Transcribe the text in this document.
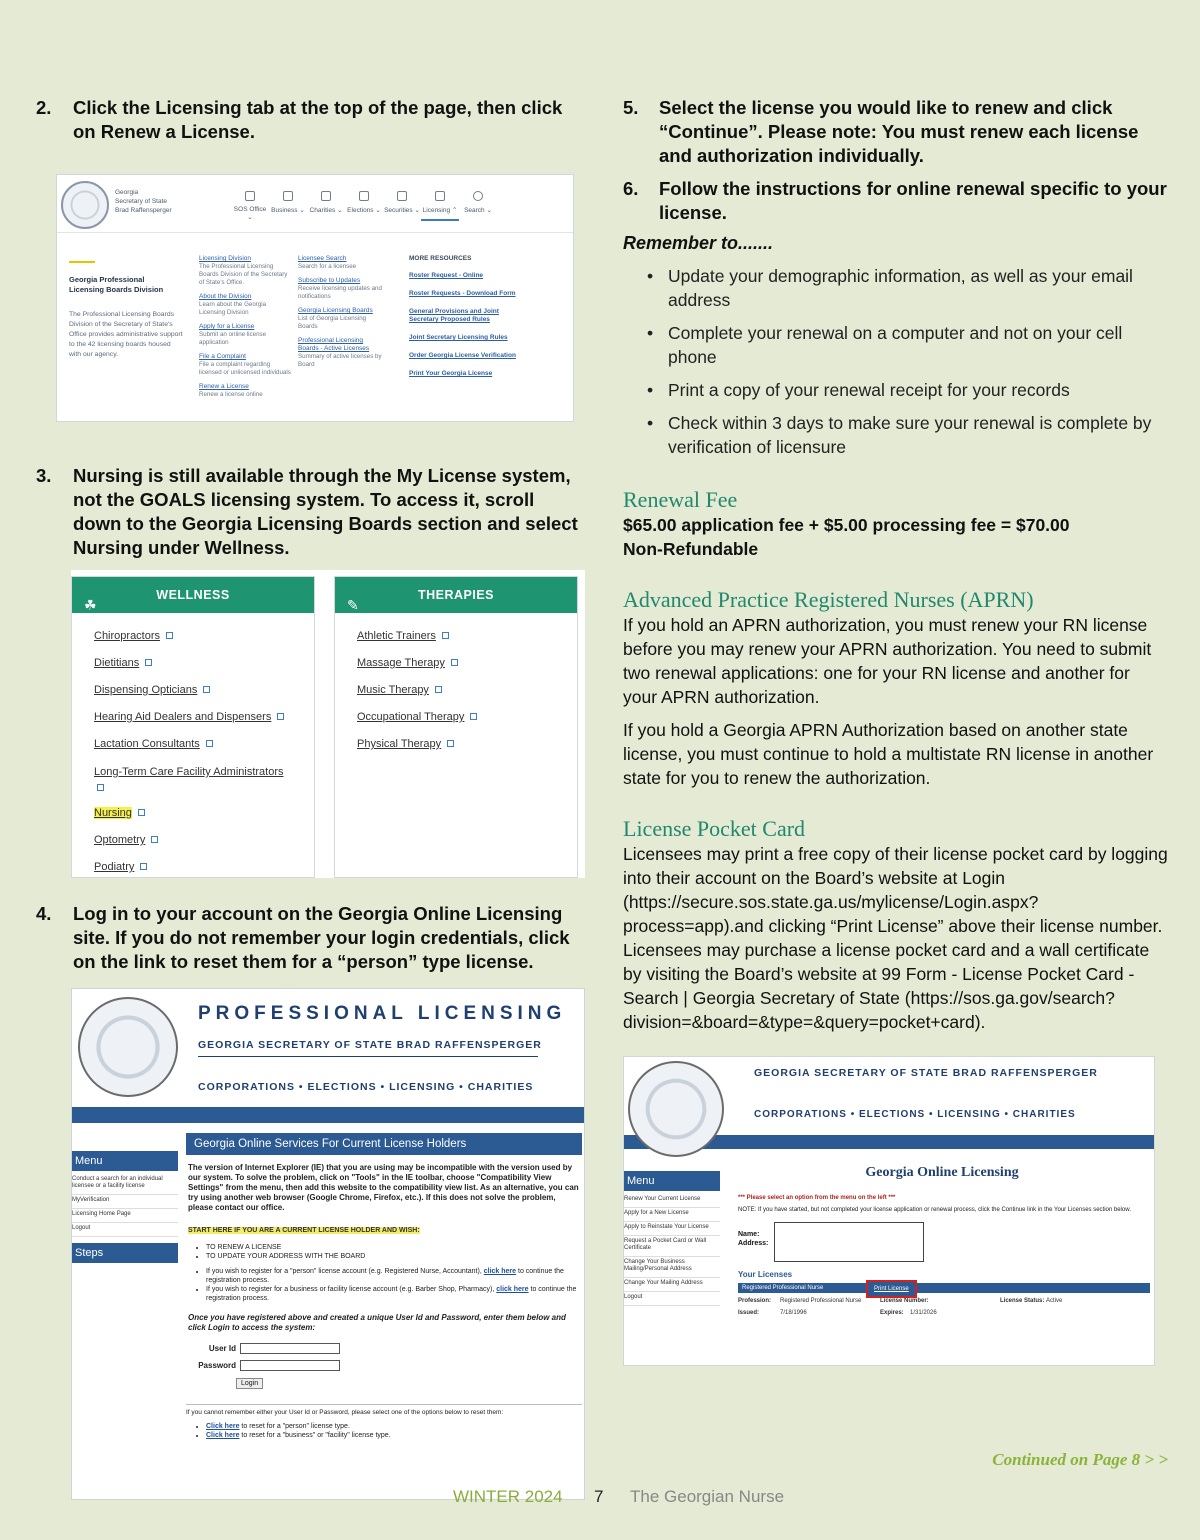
2.	Click the Licensing tab at the top of the page, then click on Renew a License.
Georgia
Secretary of State
Brad Raffensperger	SOS Office ⌄
Business ⌄ Charities ⌄ Elections ⌄ Securities ⌄ Licensing ⌃	Search ⌄
Georgia Professional Licensing Boards Division
The Professional Licensing Boards Division of the Secretary of State's Office provides administrative support to the 42 licensing boards housed with our agency.
Licensing Division
The Professional Licensing Boards Division of the Secretary of State's Office.
About the Division
Learn about the Georgia Licensing Division
Apply for a License
Submit an online license application
File a Complaint
File a complaint regarding licensed or unlicensed individuals
Renew a License
Renew a license online
Licensee Search
Search for a licensee
Subscribe to Updates
Receive licensing updates and notifications
Georgia Licensing Boards
List of Georgia Licensing Boards
Professional Licensing Boards - Active Licenses
Summary of active licenses by Board
MORE RESOURCES
Roster Request - Online
Roster Requests - Download Form
General Provisions and Joint Secretary Proposed Rules
Joint Secretary Licensing Rules
Order Georgia License Verification
Print Your Georgia License
3.	Nursing is still available through the My License system, not the GOALS licensing system. To access it, scroll down to the Georgia Licensing Boards section and select Nursing under Wellness.
☘
WELLNESS
Chiropractors
Dietitians
Dispensing Opticians
Hearing Aid Dealers and Dispensers
Lactation Consultants
Long-Term Care Facility Administrators

Nursing
Optometry
Podiatry
✎
THERAPIES
Athletic Trainers
Massage Therapy
Music Therapy
Occupational Therapy
Physical Therapy
4.	Log in to your account on the Georgia Online Licensing site. If you do not remember your login credentials, click on the link to reset them for a “person” type license.
PROFESSIONAL LICENSING
GEORGIA SECRETARY OF STATE BRAD RAFFENSPERGER
CORPORATIONS • ELECTIONS • LICENSING • CHARITIES
Menu
Conduct a search for an individual licensee or a facility license
MyVerification
Licensing Home Page
Logout
Steps
Georgia Online Services For Current License Holders
The version of Internet Explorer (IE) that you are using may be incompatible with the version used by our system. To solve the problem, click on "Tools" in the IE toolbar, choose "Compatibility View Settings" from the menu, then add this website to the compatibility view list. As an alternative, you can try using another web browser (Google Chrome, Firefox, etc.). If this does not solve the problem, please contact our office.
START HERE IF YOU ARE A CURRENT LICENSE HOLDER AND WISH:
• TO RENEW A LICENSE
• TO UPDATE YOUR ADDRESS WITH THE BOARD
• If you wish to register for a "person" license account (e.g. Registered Nurse, Accountant), click here to continue the registration process.
• If you wish to register for a business or facility license account (e.g. Barber Shop, Pharmacy), click here to continue the registration process.
Once you have registered above and created a unique User Id and Password, enter them below and click Login to access the system:
User Id
Password
Login
If you cannot remember either your User Id or Password, please select one of the options below to reset them:
• Click here to reset for a "person" license type.
• Click here to reset for a "business" or "facility" license type.
5.	Select the license you would like to renew and click “Continue”. Please note: You must renew each license and authorization individually.
6.	Follow the instructions for online renewal specific to your license.
Remember to.......
• Update your demographic information, as well as your email address
• Complete your renewal on a computer and not on your cell phone
• Print a copy of your renewal receipt for your records
• Check within 3 days to make sure your renewal is complete by verification of licensure
Renewal Fee
$65.00 application fee + $5.00 processing fee = $70.00
Non-Refundable
Advanced Practice Registered Nurses (APRN)
If you hold an APRN authorization, you must renew your RN license before you may renew your APRN authorization. You need to submit two renewal applications: one for your RN license and another for your APRN authorization.
If you hold a Georgia APRN Authorization based on another state license, you must continue to hold a multistate RN license in another state for you to renew the authorization.
License Pocket Card
Licensees may print a free copy of their license pocket card by logging into their account on the Board’s website at Login (https://secure.sos.state.ga.us/mylicense/Login.aspx?process=app).and clicking “Print License” above their license number. Licensees may purchase a license pocket card and a wall certificate by visiting the Board’s website at 99 Form - License Pocket Card - Search | Georgia Secretary of State (https://sos.ga.gov/search?division=&board=&type=&query=pocket+card).
GEORGIA SECRETARY OF STATE BRAD RAFFENSPERGER
CORPORATIONS • ELECTIONS • LICENSING • CHARITIES
Menu
Renew Your Current License
Apply for a New License
Apply to Reinstate Your License
Request a Pocket Card or Wall Certificate
Change Your Business Mailing/Personal Address
Change Your Mailing Address
Logout
Georgia Online Licensing
*** Please select an option from the menu on the left ***
NOTE: If you have started, but not completed your license application or renewal process, click the Continue link in the Your Licenses section below.
Name:
Address:
Your Licenses
Registered Professional Nurse	Print License
Profession:	Registered Professional Nurse	License Number:	License Status: Active
Issued:	7/18/1996	Expires:	1/31/2026
Continued on Page 8 > >
WINTER 2024 7 The Georgian Nurse
